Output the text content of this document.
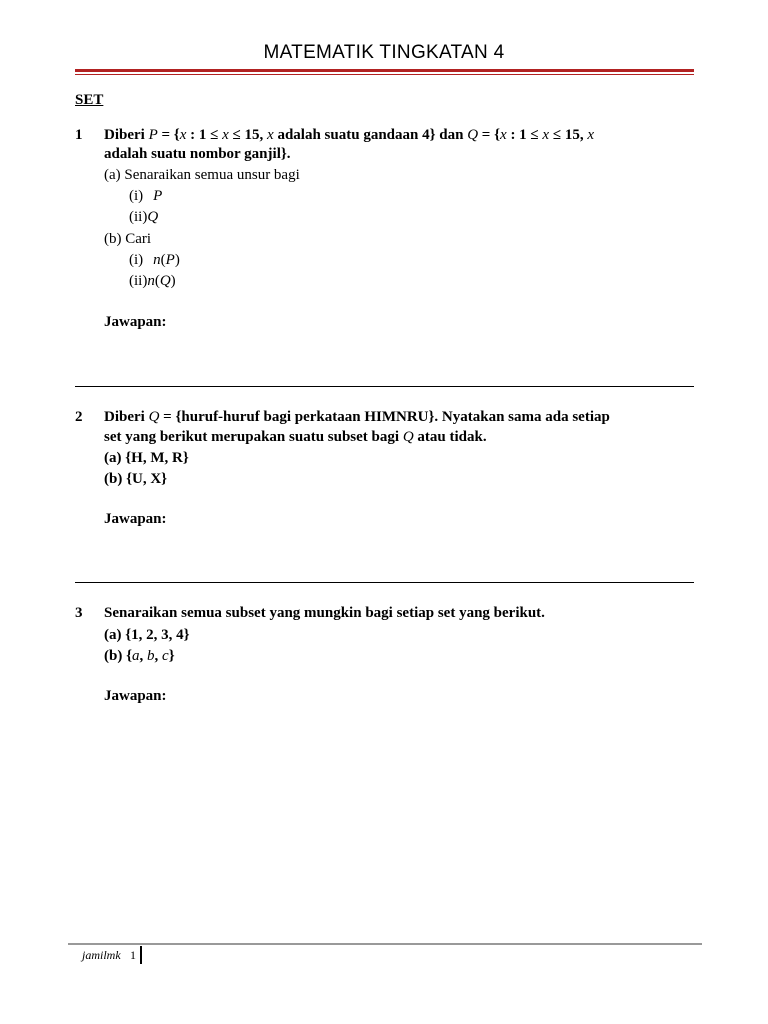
MATEMATIK TINGKATAN 4
SET
1 Diberi P = {x : 1 ≤ x ≤ 15, x adalah suatu gandaan 4} dan Q = {x : 1 ≤ x ≤ 15, x
adalah suatu nombor ganjil}.
(a) Senaraikan semua unsur bagi
(i) P
(ii)Q
(b) Cari
(i) n(P)
(ii)n(Q)
Jawapan:
2 Diberi Q = {huruf-huruf bagi perkataan HIMNRU}. Nyatakan sama ada setiap
set yang berikut merupakan suatu subset bagi Q atau tidak.
(a) {H, M, R}
(b) {U, X}
Jawapan:
3 Senaraikan semua subset yang mungkin bagi setiap set yang berikut.
(a) {1, 2, 3, 4}
(b) {a, b, c}
Jawapan:
jamilmk 1
